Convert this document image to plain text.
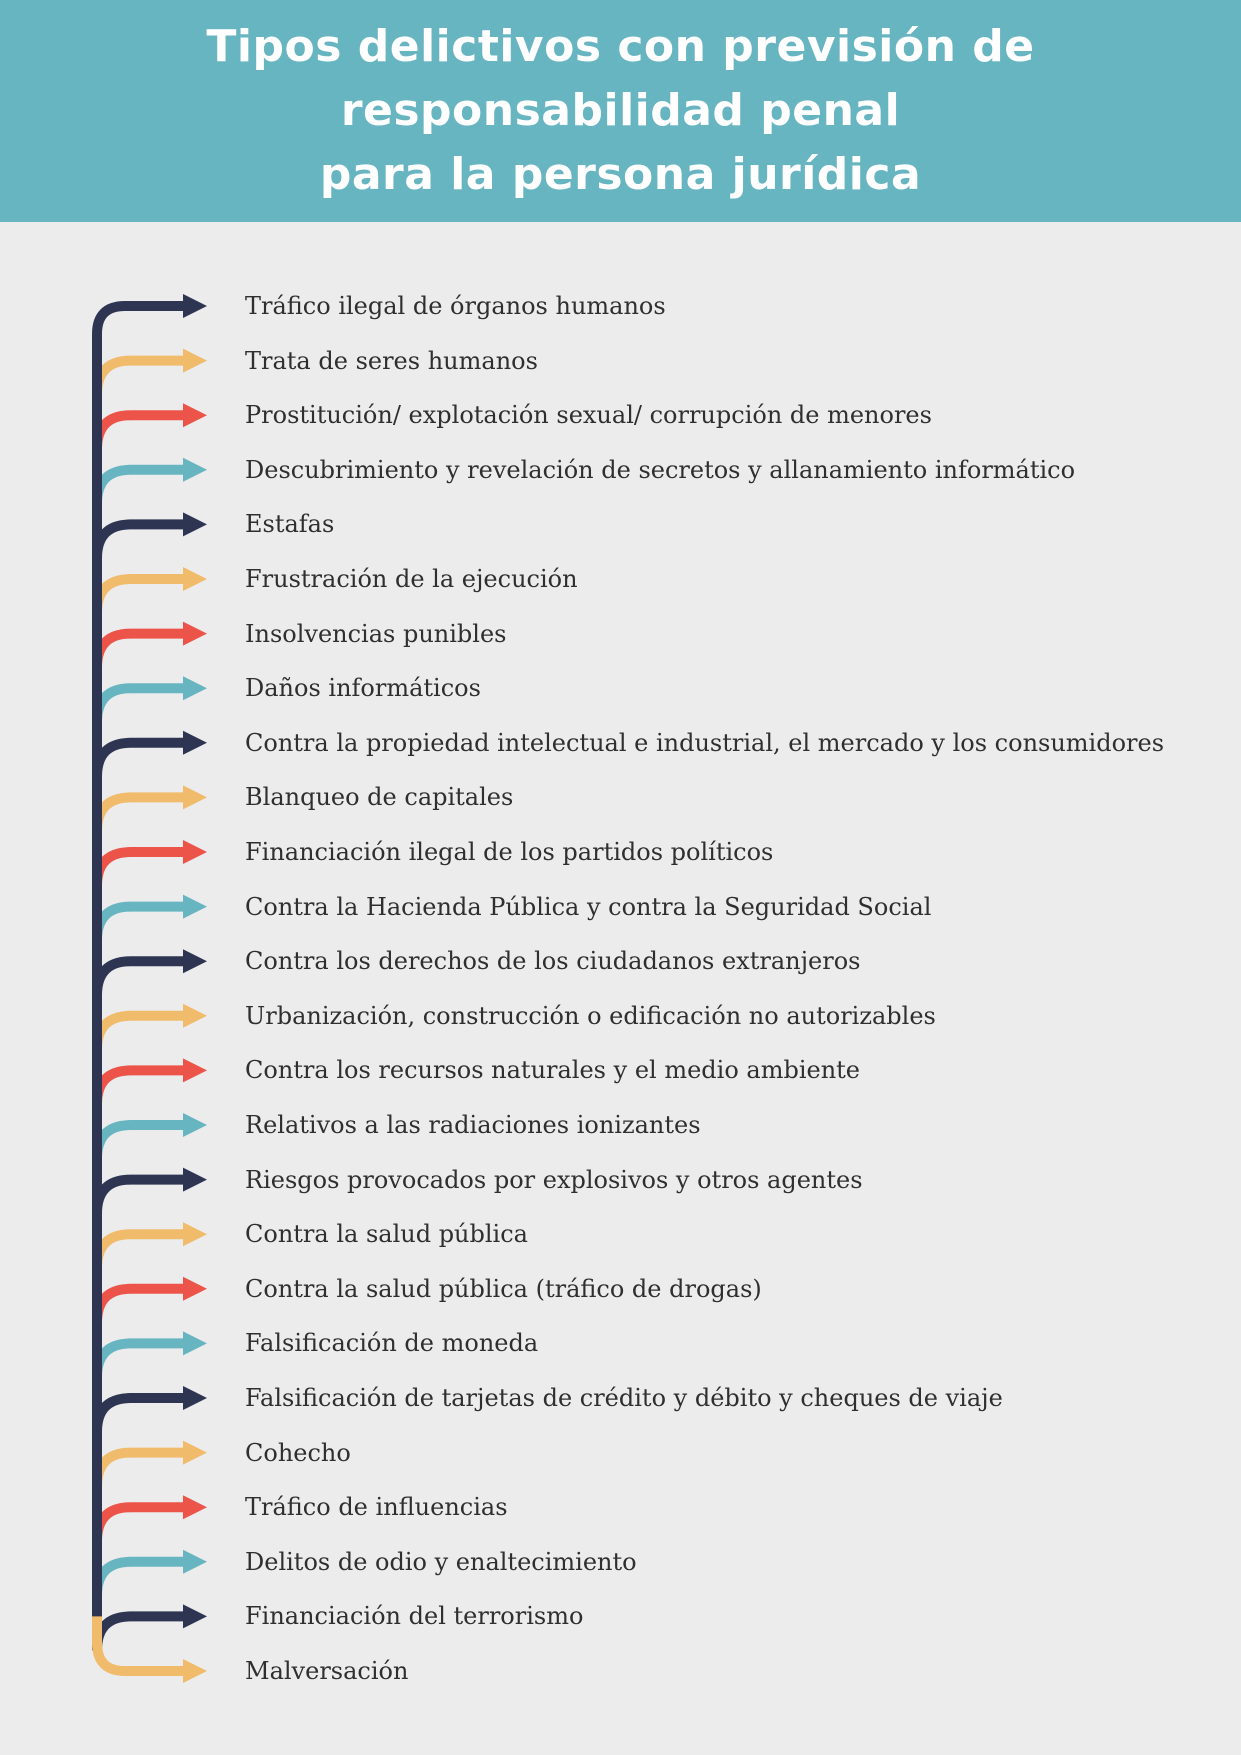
Tipos delictivos con previsión de responsabilidad penal
para la persona jurídica
Tráfico ilegal de órganos humanos
Trata de seres humanos
Prostitución/ explotación sexual/ corrupción de menores
Descubrimiento y revelación de secretos y allanamiento informático
Estafas
Frustración de la ejecución
Insolvencias punibles
Daños informáticos
Contra la propiedad intelectual e industrial, el mercado y los consumidores
Blanqueo de capitales
Financiación ilegal de los partidos políticos
Contra la Hacienda Pública y contra la Seguridad Social
Contra los derechos de los ciudadanos extranjeros
Urbanización, construcción o edificación no autorizables
Contra los recursos naturales y el medio ambiente
Relativos a las radiaciones ionizantes
Riesgos provocados por explosivos y otros agentes
Contra la salud pública
Contra la salud pública (tráfico de drogas)
Falsificación de moneda
Falsificación de tarjetas de crédito y débito y cheques de viaje
Cohecho
Tráfico de influencias
Delitos de odio y enaltecimiento
Financiación del terrorismo
Malversación
